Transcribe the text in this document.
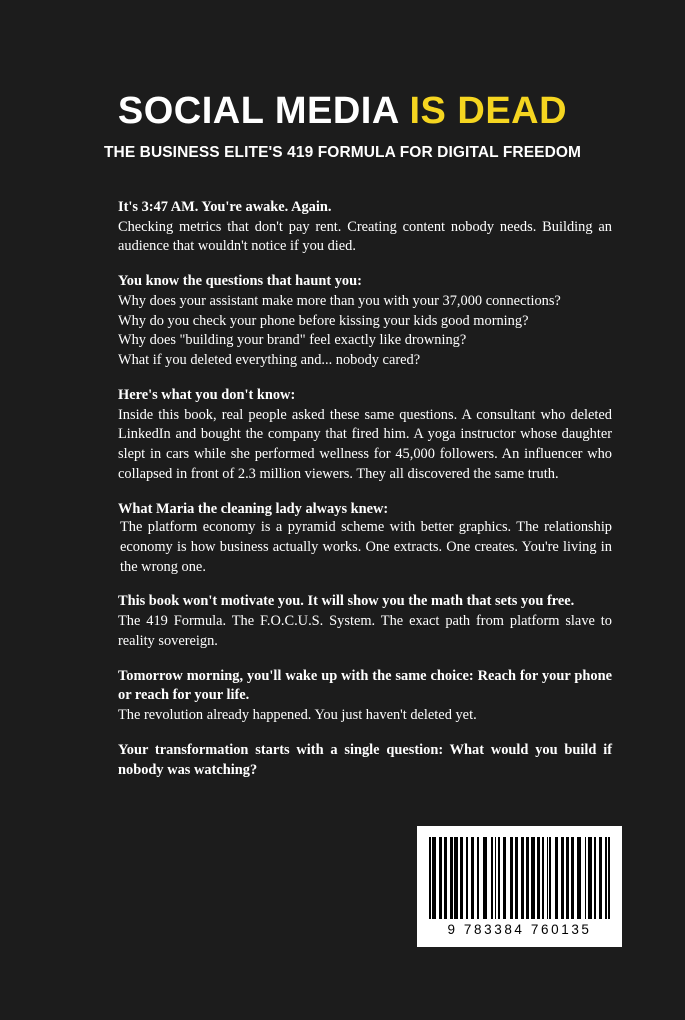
SOCIAL MEDIA IS DEAD
THE BUSINESS ELITE'S 419 FORMULA FOR DIGITAL FREEDOM

It's 3:47 AM. You're awake. Again.
Checking metrics that don't pay rent. Creating content nobody needs. Building an audience that wouldn't notice if you died.

You know the questions that haunt you:
Why does your assistant make more than you with your 37,000 connections?
Why do you check your phone before kissing your kids good morning?
Why does "building your brand" feel exactly like drowning?
What if you deleted everything and... nobody cared?

Here's what you don't know:
Inside this book, real people asked these same questions. A consultant who deleted LinkedIn and bought the company that fired him. A yoga instructor whose daughter slept in cars while she performed wellness for 45,000 followers. An influencer who collapsed in front of 2.3 million viewers. They all discovered the same truth.

What Maria the cleaning lady always knew:
The platform economy is a pyramid scheme with better graphics. The relationship economy is how business actually works. One extracts. One creates. You're living in the wrong one.

This book won't motivate you. It will show you the math that sets you free.
The 419 Formula. The F.O.C.U.S. System. The exact path from platform slave to reality sovereign.

Tomorrow morning, you'll wake up with the same choice: Reach for your phone or reach for your life.
The revolution already happened. You just haven't deleted yet.

Your transformation starts with a single question: What would you build if nobody was watching?

9 783384 760135
